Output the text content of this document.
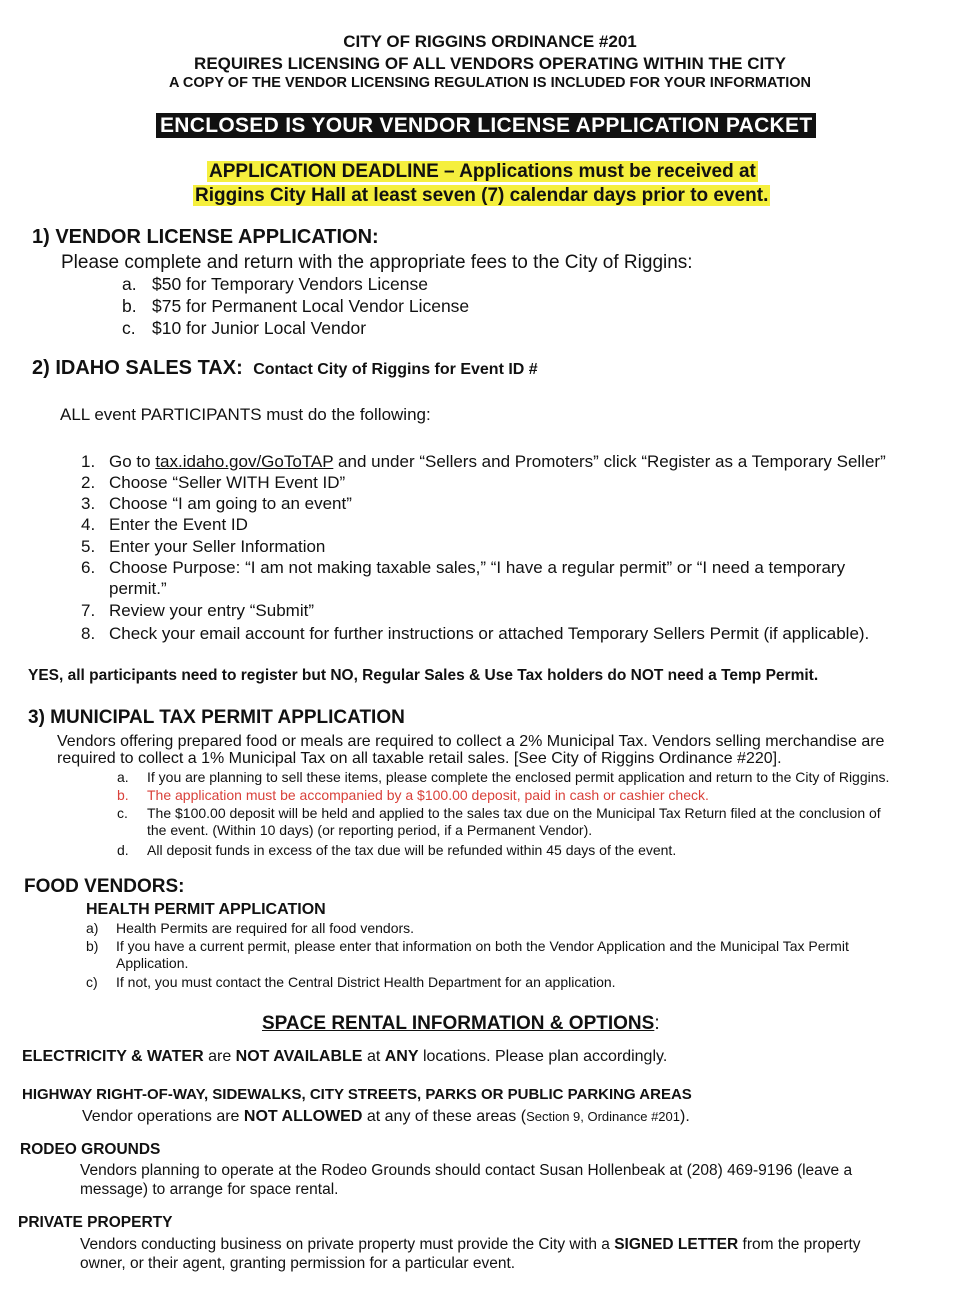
CITY OF RIGGINS ORDINANCE #201
REQUIRES LICENSING OF ALL VENDORS OPERATING WITHIN THE CITY
A COPY OF THE VENDOR LICENSING REGULATION IS INCLUDED FOR YOUR INFORMATION
ENCLOSED IS YOUR VENDOR LICENSE APPLICATION PACKET
APPLICATION DEADLINE – Applications must be received at
Riggins City Hall at least seven (7) calendar days prior to event.
1) VENDOR LICENSE APPLICATION:
Please complete and return with the appropriate fees to the City of Riggins:
a. $50 for Temporary Vendors License
b. $75 for Permanent Local Vendor License
c. $10 for Junior Local Vendor
2) IDAHO SALES TAX: Contact City of Riggins for Event ID #
ALL event PARTICIPANTS must do the following:
1. Go to tax.idaho.gov/GoToTAP and under “Sellers and Promoters” click “Register as a Temporary Seller”
2. Choose “Seller WITH Event ID”
3. Choose “I am going to an event”
4. Enter the Event ID
5. Enter your Seller Information
6. Choose Purpose: “I am not making taxable sales,” “I have a regular permit” or “I need a temporary
permit.”
7. Review your entry “Submit”
8. Check your email account for further instructions or attached Temporary Sellers Permit (if applicable).
YES, all participants need to register but NO, Regular Sales & Use Tax holders do NOT need a Temp Permit.
3) MUNICIPAL TAX PERMIT APPLICATION
Vendors offering prepared food or meals are required to collect a 2% Municipal Tax. Vendors selling merchandise are
required to collect a 1% Municipal Tax on all taxable retail sales. [See City of Riggins Ordinance #220].
a. If you are planning to sell these items, please complete the enclosed permit application and return to the City of Riggins.
b. The application must be accompanied by a $100.00 deposit, paid in cash or cashier check.
c. The $100.00 deposit will be held and applied to the sales tax due on the Municipal Tax Return filed at the conclusion of
the event. (Within 10 days) (or reporting period, if a Permanent Vendor).
d. All deposit funds in excess of the tax due will be refunded within 45 days of the event.
FOOD VENDORS:
HEALTH PERMIT APPLICATION
a) Health Permits are required for all food vendors.
b) If you have a current permit, please enter that information on both the Vendor Application and the Municipal Tax Permit
Application.
c) If not, you must contact the Central District Health Department for an application.
SPACE RENTAL INFORMATION & OPTIONS:
ELECTRICITY & WATER are NOT AVAILABLE at ANY locations. Please plan accordingly.
HIGHWAY RIGHT-OF-WAY, SIDEWALKS, CITY STREETS, PARKS OR PUBLIC PARKING AREAS
Vendor operations are NOT ALLOWED at any of these areas (Section 9, Ordinance #201).
RODEO GROUNDS
Vendors planning to operate at the Rodeo Grounds should contact Susan Hollenbeak at (208) 469-9196 (leave a
message) to arrange for space rental.
PRIVATE PROPERTY
Vendors conducting business on private property must provide the City with a SIGNED LETTER from the property
owner, or their agent, granting permission for a particular event.
